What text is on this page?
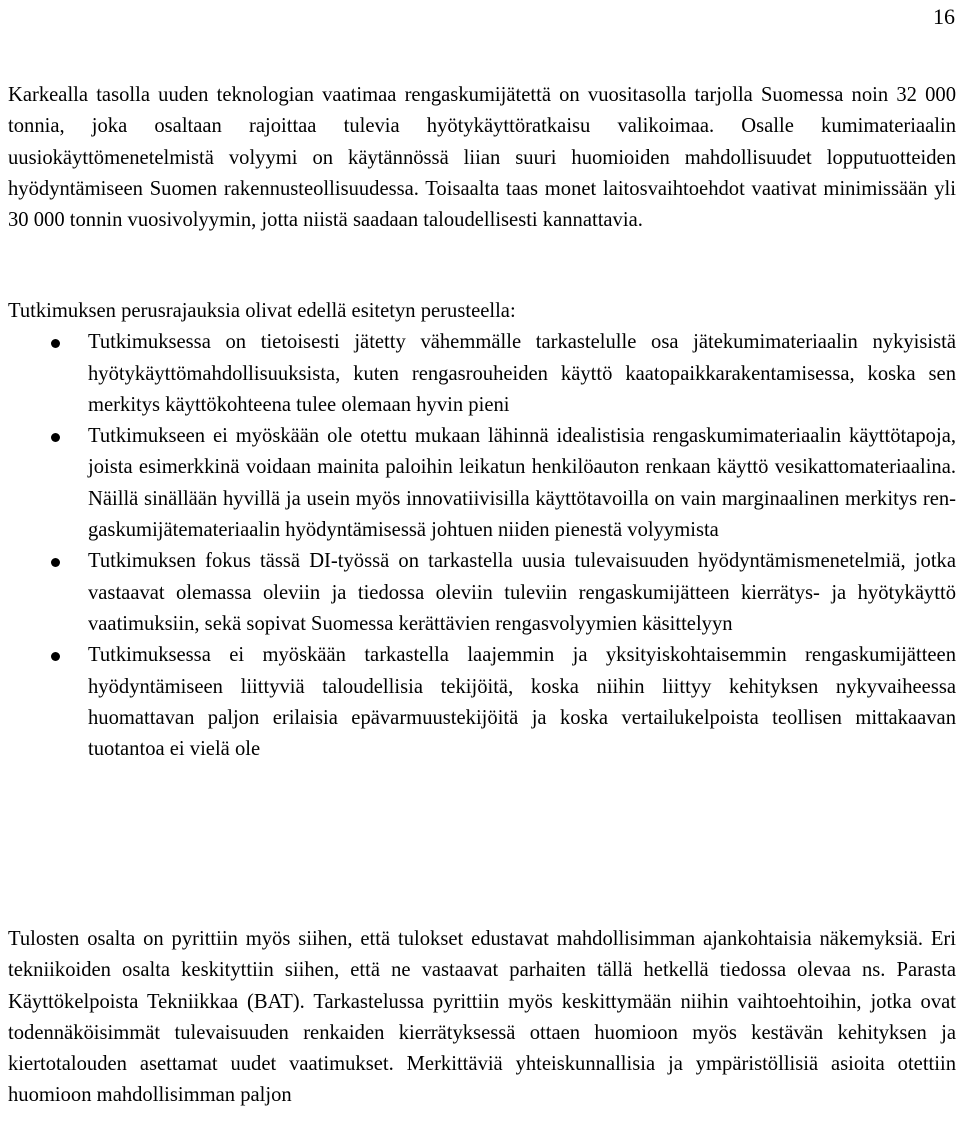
16

Karkealla tasolla uuden teknologian vaatimaa rengaskumijätettä on vuositasolla tarjolla Suomessa noin 32 000 tonnia, joka osaltaan rajoittaa tulevia hyötykäyttöratkaisu valikoimaa. Osalle kumimateriaalin uusiokäyttömenetelmistä volyymi on käytännössä liian suuri huomioiden mahdollisuudet lopputuotteiden hyödyntämiseen Suomen rakennusteollisuudessa. Toisaalta taas monet laitosvaihtoehdot vaativat minimissään yli 30 000 tonnin vuosivolyymin, jotta niistä saadaan taloudellisesti kannattavia.

Tutkimuksen perusrajauksia olivat edellä esitetyn perusteella:

Tutkimuksessa on tietoisesti jätetty vähemmälle tarkastelulle osa jätekumimateriaalin nykyisistä hyötykäyttömahdollisuuksista, kuten rengasrouheiden käyttö kaatopaikkarakentamisessa, koska sen merkitys käyttökohteena tulee olemaan hyvin pieni
Tutkimukseen ei myöskään ole otettu mukaan lähinnä idealistisia rengaskumimateriaalin käyttötapoja, joista esimerkkinä voidaan mainita paloihin leikatun henkilöauton renkaan käyttö vesikattomateriaalina. Näillä sinällään hyvillä ja usein myös innovatiivisilla käyttötavoilla on vain marginaalinen merkitys rengaskumijätemateriaalin hyödyntämisessä johtuen niiden pienestä volyymista
Tutkimuksen fokus tässä DI-työssä on tarkastella uusia tulevaisuuden hyödyntämismenetelmiä, jotka vastaavat olemassa oleviin ja tiedossa oleviin tuleviin rengaskumijätteen kierrätys- ja hyötykäyttö vaatimuksiin, sekä sopivat Suomessa kerättävien rengasvolyymien käsittelyyn
Tutkimuksessa ei myöskään tarkastella laajemmin ja yksityiskohtaisemmin rengaskumijätteen hyödyntämiseen liittyviä taloudellisia tekijöitä, koska niihin liittyy kehityksen nykyvaiheessa huomattavan paljon erilaisia epävarmuustekijöitä ja koska vertailukelpoista teollisen mittakaavan tuotantoa ei vielä ole

Tulosten osalta on pyrittiin myös siihen, että tulokset edustavat mahdollisimman ajankohtaisia näkemyksiä. Eri tekniikoiden osalta keskityttiin siihen, että ne vastaavat parhaiten tällä hetkellä tiedossa olevaa ns. Parasta Käyttökelpoista Tekniikkaa (BAT). Tarkastelussa pyrittiin myös keskittymään niihin vaihtoehtoihin, jotka ovat todennäköisimmät tulevaisuuden renkaiden kierrätyksessä ottaen huomioon myös kestävän kehityksen ja kiertotalouden asettamat uudet vaatimukset. Merkittäviä yhteiskunnallisia ja ympäristöllisiä asioita otettiin huomioon mahdollisimman paljon
